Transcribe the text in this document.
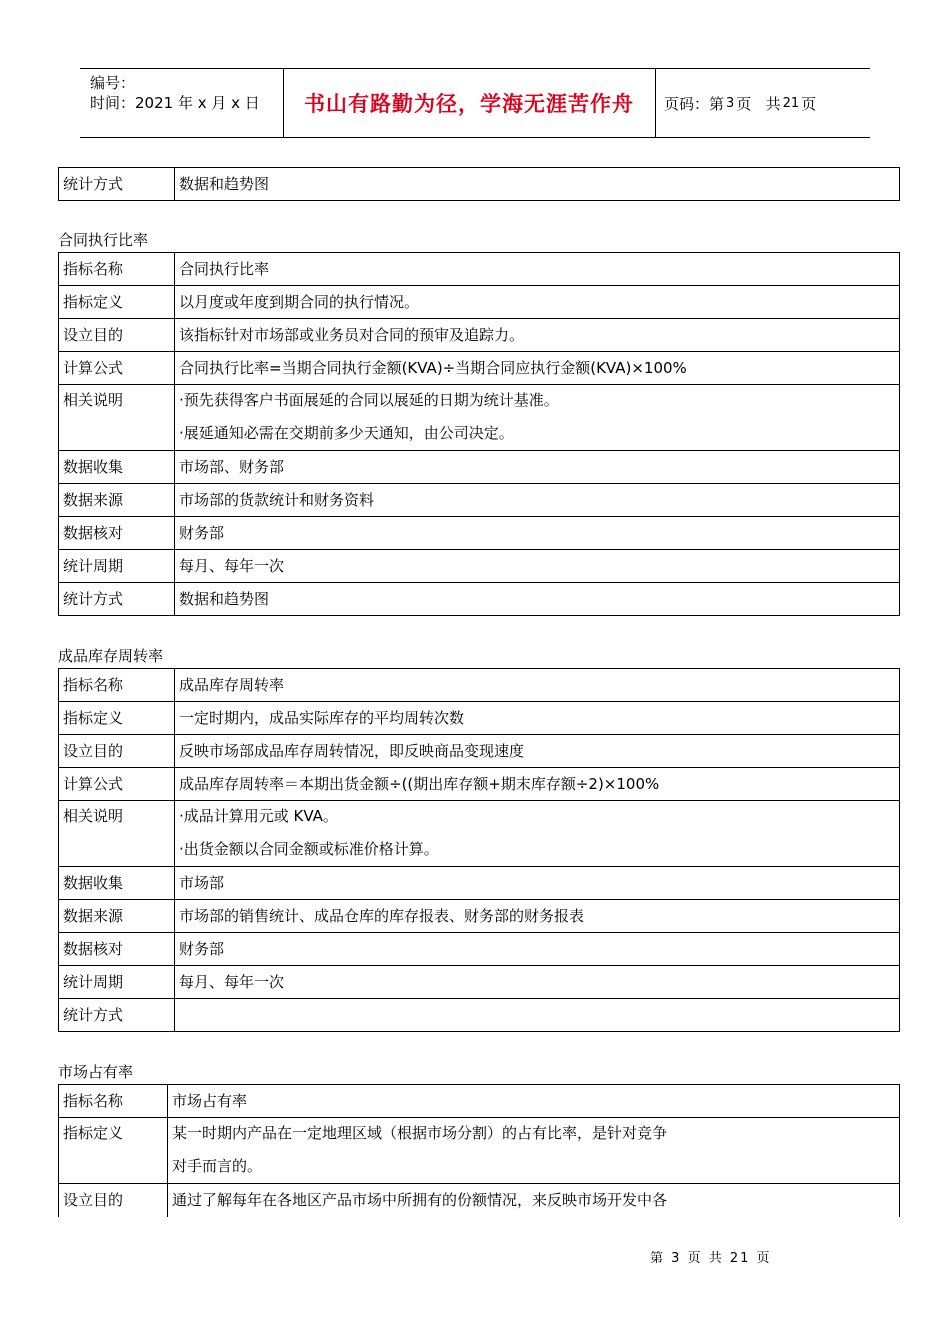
编号：
时间：2021 年 x 月 x 日	书山有路勤为径，学海无涯苦作舟	页码：第 3 页   共 21 页
统计方式	数据和趋势图
合同执行比率
指标名称	合同执行比率
指标定义	以月度或年度到期合同的执行情况。
设立目的	该指标针对市场部或业务员对合同的预审及追踪力。
计算公式	合同执行比率=当期合同执行金额(KVA)÷当期合同应执行金额(KVA)×100%
相关说明	·预先获得客户书面展延的合同以展延的日期为统计基准。
·展延通知必需在交期前多少天通知，由公司决定。

数据收集	市场部、财务部
数据来源	市场部的货款统计和财务资料
数据核对	财务部
统计周期	每月、每年一次
统计方式	数据和趋势图
成品库存周转率
指标名称	成品库存周转率
指标定义	一定时期内，成品实际库存的平均周转次数
设立目的	反映市场部成品库存周转情况，即反映商品变现速度
计算公式	成品库存周转率＝本期出货金额÷((期出库存额+期末库存额÷2)×100%
相关说明	·成品计算用元或 KVA。
·出货金额以合同金额或标准价格计算。

数据收集	市场部
数据来源	市场部的销售统计、成品仓库的库存报表、财务部的财务报表
数据核对	财务部
统计周期	每月、每年一次
统计方式	
市场占有率
指标名称	市场占有率
指标定义	某一时期内产品在一定地理区域（根据市场分割）的占有比率，是针对竞争
对手而言的。

设立目的	通过了解每年在各地区产品市场中所拥有的份额情况，来反映市场开发中各
第 3 页 共 21 页
